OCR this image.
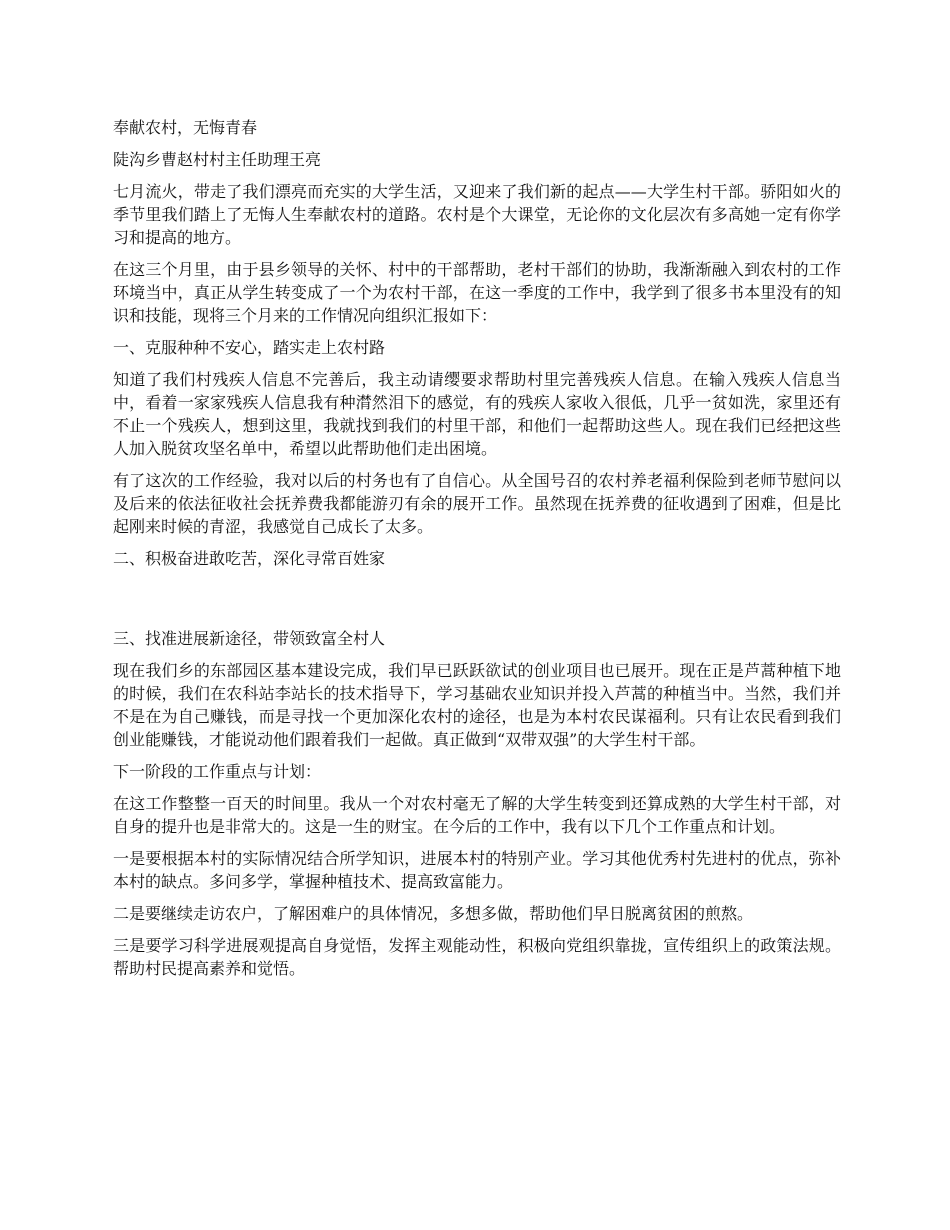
奉献农村，无悔青春

陡沟乡曹赵村村主任助理王亮

七月流火，带走了我们漂亮而充实的大学生活，又迎来了我们新的起点——大学生村干部。骄阳如火的季节里我们踏上了无悔人生奉献农村的道路。农村是个大课堂，无论你的文化层次有多高她一定有你学习和提高的地方。

在这三个月里，由于县乡领导的关怀、村中的干部帮助，老村干部们的协助，我渐渐融入到农村的工作环境当中，真正从学生转变成了一个为农村干部，在这一季度的工作中，我学到了很多书本里没有的知识和技能，现将三个月来的工作情况向组织汇报如下：

一、克服种种不安心，踏实走上农村路

知道了我们村残疾人信息不完善后，我主动请缨要求帮助村里完善残疾人信息。在输入残疾人信息当中，看着一家家残疾人信息我有种潸然泪下的感觉，有的残疾人家收入很低，几乎一贫如洗，家里还有不止一个残疾人，想到这里，我就找到我们的村里干部，和他们一起帮助这些人。现在我们已经把这些人加入脱贫攻坚名单中，希望以此帮助他们走出困境。

有了这次的工作经验，我对以后的村务也有了自信心。从全国号召的农村养老福利保险到老师节慰问以及后来的依法征收社会抚养费我都能游刃有余的展开工作。虽然现在抚养费的征收遇到了困难，但是比起刚来时候的青涩，我感觉自己成长了太多。

二、积极奋进敢吃苦，深化寻常百姓家

三、找准进展新途径，带领致富全村人

现在我们乡的东部园区基本建设完成，我们早已跃跃欲试的创业项目也已展开。现在正是芦蒿种植下地的时候，我们在农科站李站长的技术指导下，学习基础农业知识并投入芦蒿的种植当中。当然，我们并不是在为自己赚钱，而是寻找一个更加深化农村的途径，也是为本村农民谋福利。只有让农民看到我们创业能赚钱，才能说动他们跟着我们一起做。真正做到“双带双强”的大学生村干部。

下一阶段的工作重点与计划：

在这工作整整一百天的时间里。我从一个对农村毫无了解的大学生转变到还算成熟的大学生村干部，对自身的提升也是非常大的。这是一生的财宝。在今后的工作中，我有以下几个工作重点和计划。

一是要根据本村的实际情况结合所学知识，进展本村的特别产业。学习其他优秀村先进村的优点，弥补本村的缺点。多问多学，掌握种植技术、提高致富能力。

二是要继续走访农户，了解困难户的具体情况，多想多做，帮助他们早日脱离贫困的煎熬。

三是要学习科学进展观提高自身觉悟，发挥主观能动性，积极向党组织靠拢，宣传组织上的政策法规。帮助村民提高素养和觉悟。
